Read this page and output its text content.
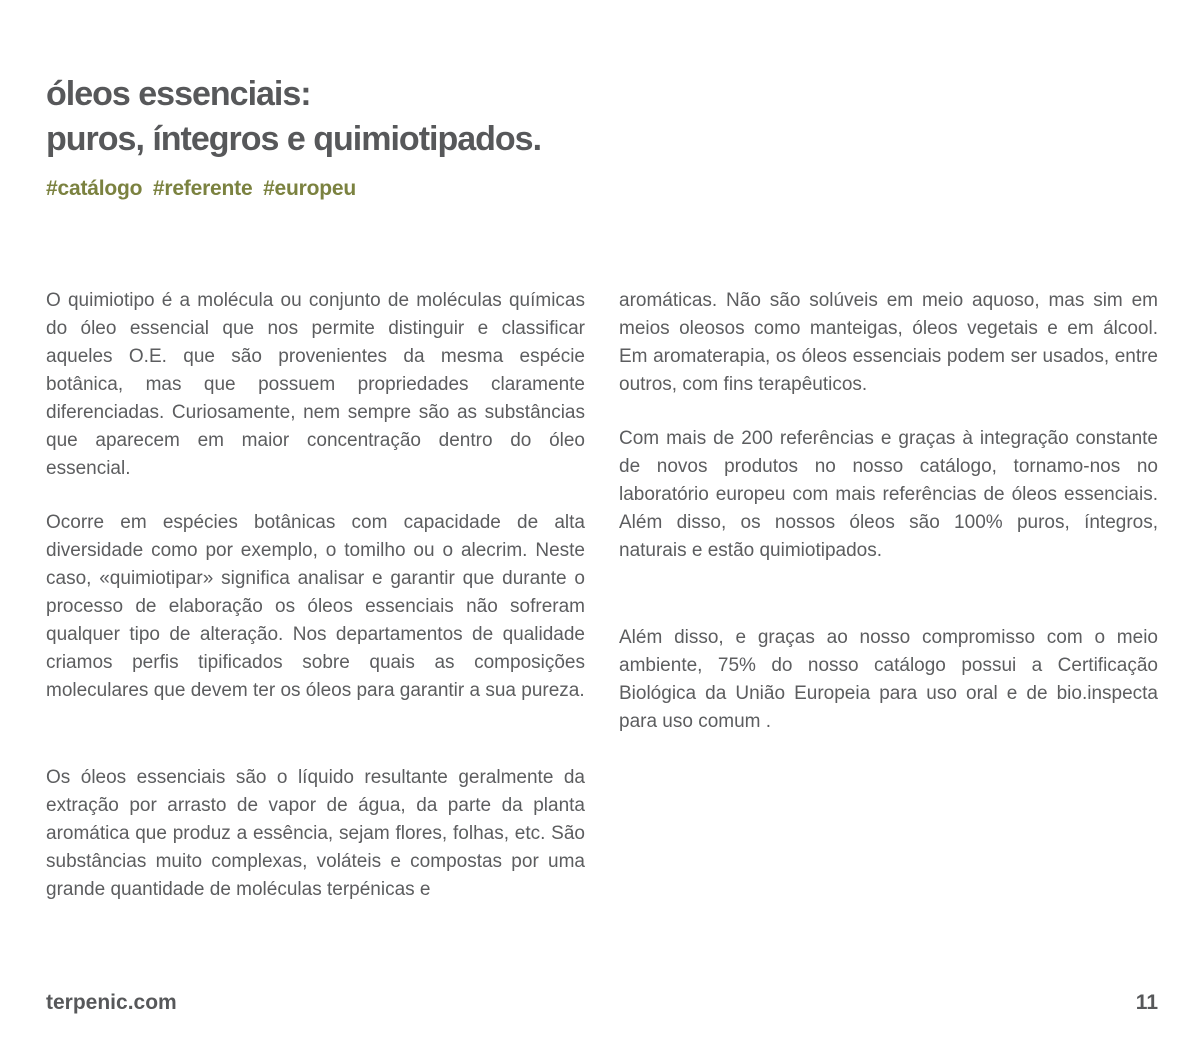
óleos essenciais:
puros, íntegros e quimiotipados.
#catálogo #referente #europeu

O quimiotipo é a molécula ou conjunto de moléculas químicas do óleo essencial que nos permite distinguir e classificar aqueles O.E. que são provenientes da mesma espécie botânica, mas que possuem propriedades claramente diferenciadas. Curiosamente, nem sempre são as substâncias que aparecem em maior concentração dentro do óleo essencial.

Ocorre em espécies botânicas com capacidade de alta diversidade como por exemplo, o tomilho ou o alecrim. Neste caso, «quimiotipar» significa analisar e garantir que durante o processo de elaboração os óleos essenciais não sofreram qualquer tipo de alteração. Nos departamentos de qualidade criamos perfis tipificados sobre quais as composições moleculares que devem ter os óleos para garantir a sua pureza.

Os óleos essenciais são o líquido resultante geralmente da extração por arrasto de vapor de água, da parte da planta aromática que produz a essência, sejam flores, folhas, etc. São substâncias muito complexas, voláteis e compostas por uma grande quantidade de moléculas terpénicas e

aromáticas. Não são solúveis em meio aquoso, mas sim em meios oleosos como manteigas, óleos vegetais e em álcool. Em aromaterapia, os óleos essenciais podem ser usados, entre outros, com fins terapêuticos.

Com mais de 200 referências e graças à integração constante de novos produtos no nosso catálogo, tornamo-nos no laboratório europeu com mais referências de óleos essenciais. Além disso, os nossos óleos são 100% puros, íntegros, naturais e estão quimiotipados.

Além disso, e graças ao nosso compromisso com o meio ambiente, 75% do nosso catálogo possui a Certificação Biológica da União Europeia para uso oral e de bio.inspecta para uso comum .

terpenic.com	11
